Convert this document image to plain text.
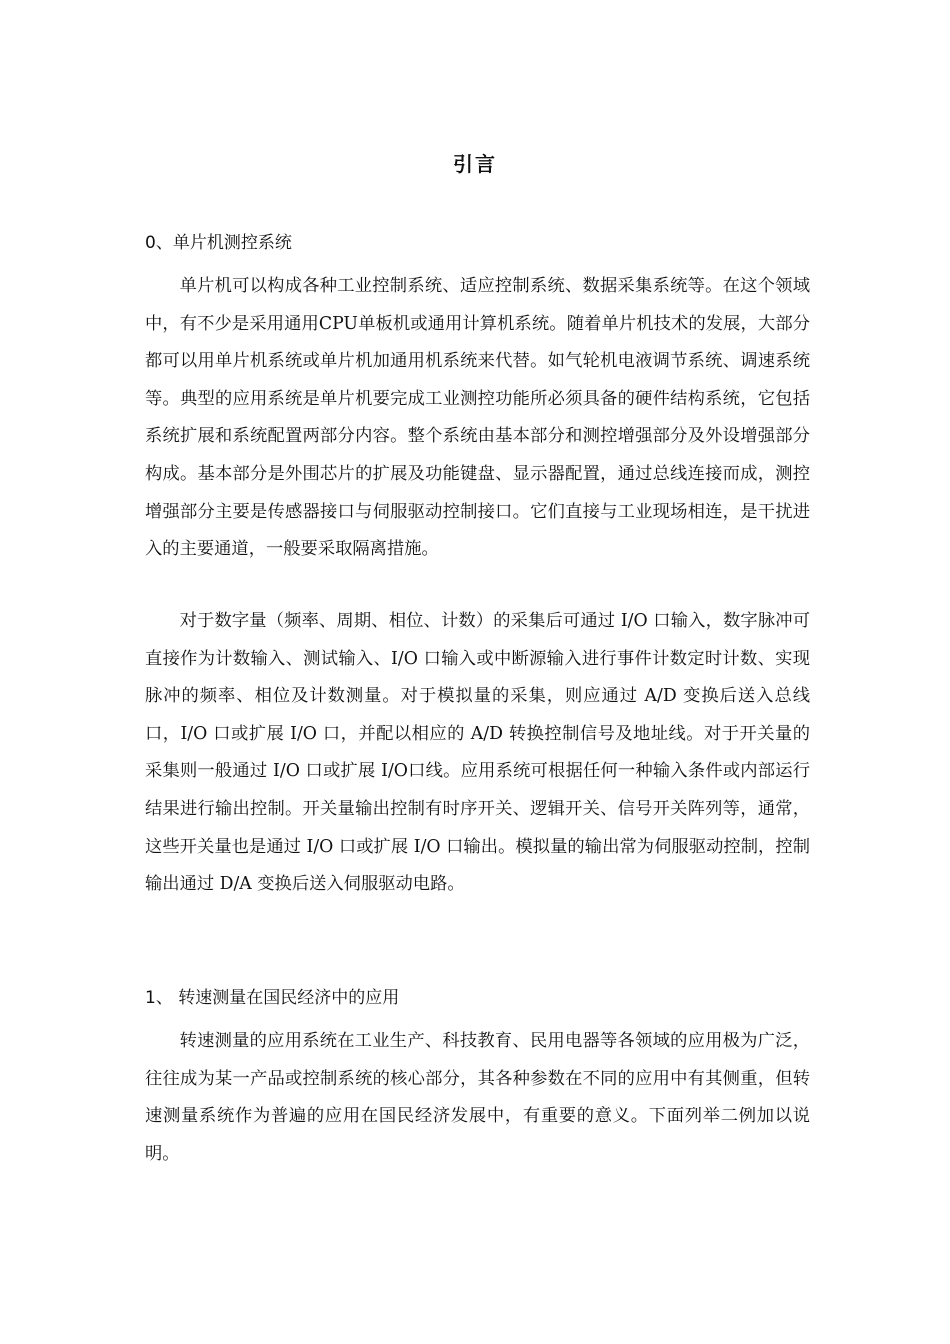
引言
0、单片机测控系统

单片机可以构成各种工业控制系统、适应控制系统、数据采集系统等。在这个领域中，有不少是采用通用CPU单板机或通用计算机系统。随着单片机技术的发展，大部分都可以用单片机系统或单片机加通用机系统来代替。如气轮机电液调节系统、调速系统等。典型的应用系统是单片机要完成工业测控功能所必须具备的硬件结构系统，它包括系统扩展和系统配置两部分内容。整个系统由基本部分和测控增强部分及外设增强部分构成。基本部分是外围芯片的扩展及功能键盘、显示器配置，通过总线连接而成，测控增强部分主要是传感器接口与伺服驱动控制接口。它们直接与工业现场相连，是干扰进入的主要通道，一般要采取隔离措施。

对于数字量（频率、周期、相位、计数）的采集后可通过 I/O 口输入，数字脉冲可直接作为计数输入、测试输入、I/O 口输入或中断源输入进行事件计数定时计数、实现脉冲的频率、相位及计数测量。对于模拟量的采集，则应通过 A/D 变换后送入总线口，I/O 口或扩展 I/O 口，并配以相应的 A/D 转换控制信号及地址线。对于开关量的采集则一般通过 I/O 口或扩展 I/O口线。应用系统可根据任何一种输入条件或内部运行结果进行输出控制。开关量输出控制有时序开关、逻辑开关、信号开关阵列等，通常，这些开关量也是通过 I/O 口或扩展 I/O 口输出。模拟量的输出常为伺服驱动控制，控制输出通过 D/A 变换后送入伺服驱动电路。

1、 转速测量在国民经济中的应用

转速测量的应用系统在工业生产、科技教育、民用电器等各领域的应用极为广泛，往往成为某一产品或控制系统的核心部分，其各种参数在不同的应用中有其侧重，但转速测量系统作为普遍的应用在国民经济发展中，有重要的意义。下面列举二例加以说明。
